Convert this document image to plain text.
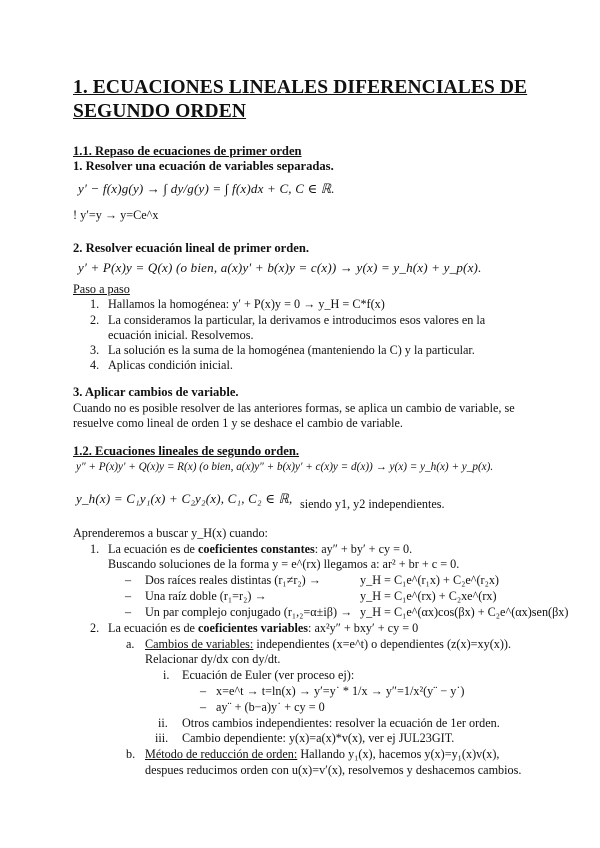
1. ECUACIONES LINEALES DIFERENCIALES DE
SEGUNDO ORDEN
1.1. Repaso de ecuaciones de primer orden
1. Resolver una ecuación de variables separadas.
y′ − f(x)g(y) → ∫ dy/g(y) = ∫ f(x)dx + C, C ∈ ℝ.
! y′=y → y=Ce^x
2. Resolver ecuación lineal de primer orden.
y′ + P(x)y = Q(x) (o bien, a(x)y′ + b(x)y = c(x)) → y(x) = y_h(x) + y_p(x).
Paso a paso
1. Hallamos la homogénea: y′ + P(x)y = 0 → y_H = C*f(x)
2. La consideramos la particular, la derivamos e introducimos esos valores en la
ecuación inicial. Resolvemos.
3. La solución es la suma de la homogénea (manteniendo la C) y la particular.
4. Aplicas condición inicial.
3. Aplicar cambios de variable.
Cuando no es posible resolver de las anteriores formas, se aplica un cambio de variable, se
resuelve como lineal de orden 1 y se deshace el cambio de variable.
1.2. Ecuaciones lineales de segundo orden.
y″ + P(x)y′ + Q(x)y = R(x) (o bien, a(x)y″ + b(x)y′ + c(x)y = d(x)) → y(x) = y_h(x) + y_p(x).
y_h(x) = C₁y₁(x) + C₂y₂(x), C₁, C₂ ∈ ℝ, siendo y1, y2 independientes.
Aprenderemos a buscar y_H(x) cuando:
1. La ecuación es de coeficientes constantes: ay″ + by′ + cy = 0.
Buscando soluciones de la forma y = e^(rx) llegamos a: ar² + br + c = 0.
– Dos raíces reales distintas (r₁≠r₂) →	y_H = C₁e^(r₁x) + C₂e^(r₂x)
– Una raíz doble (r₁=r₂) →	y_H = C₁e^(rx) + C₂xe^(rx)
– Un par complejo conjugado (r₁,₂=α±iβ) → y_H = C₁e^(αx)cos(βx) + C₂e^(αx)sen(βx)
2. La ecuación es de coeficientes variables: ax²y″ + bxy′ + cy = 0
a. Cambios de variables: independientes (x=e^t) o dependientes (z(x)=xy(x)).
Relacionar dy/dx con dy/dt.
i. Ecuación de Euler (ver proceso ej):
– x=e^t → t=ln(x) → y′=y˙ * 1/x → y″=1/x²(y¨ − y˙)
– ay¨ + (b−a)y˙ + cy = 0
ii. Otros cambios independientes: resolver la ecuación de 1er orden.
iii. Cambio dependiente: y(x)=a(x)*v(x), ver ej JUL23GIT.
b. Método de reducción de orden: Hallando y₁(x), hacemos y(x)=y₁(x)v(x),
despues reducimos orden con u(x)=v′(x), resolvemos y deshacemos cambios.
